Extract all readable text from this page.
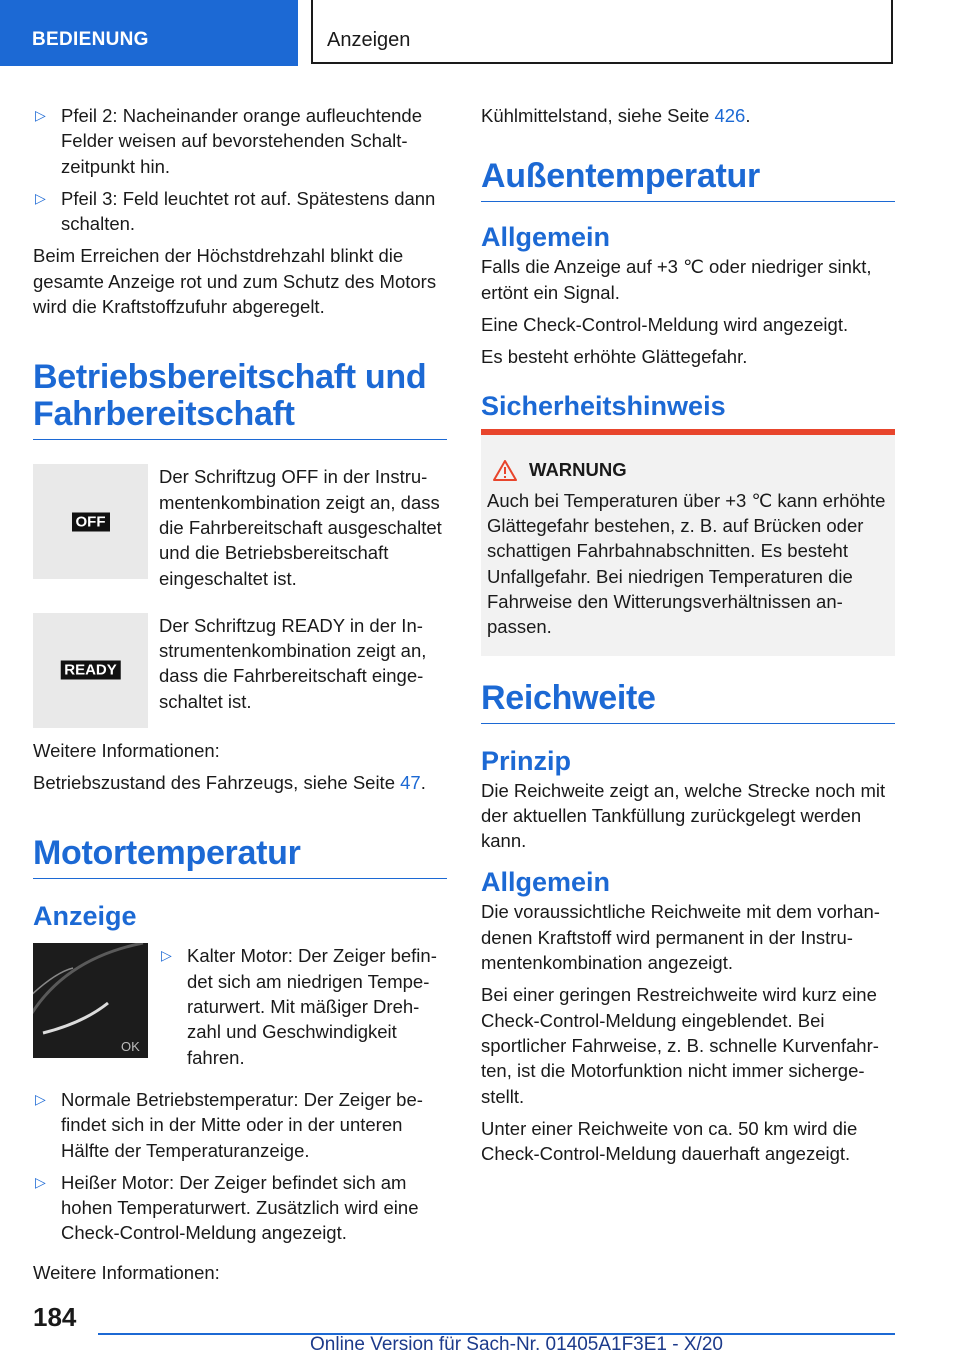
BEDIENUNG	Anzeigen
▷ Pfeil 2: Nacheinander orange aufleuchtende Felder weisen auf bevorstehenden Schaltzeitpunkt hin.
▷ Pfeil 3: Feld leuchtet rot auf. Spätestens dann schalten.

Beim Erreichen der Höchstdrehzahl blinkt die gesamte Anzeige rot und zum Schutz des Motors wird die Kraftstoffzufuhr abgeregelt.

Betriebsbereitschaft und Fahrbereitschaft
OFF
Der Schriftzug OFF in der Instrumentenkombination zeigt an, dass die Fahrbereitschaft ausgeschaltet und die Betriebsbereitschaft eingeschaltet ist.
READY
Der Schriftzug READY in der Instrumentenkombination zeigt an, dass die Fahrbereitschaft eingeschaltet ist.

Weitere Informationen:

Betriebszustand des Fahrzeugs, siehe Seite 47.

Motortemperatur
Anzeige
OK
▷ Kalter Motor: Der Zeiger befindet sich am niedrigen Temperaturwert. Mit mäßiger Drehzahl und Geschwindigkeit fahren.
▷ Normale Betriebstemperatur: Der Zeiger befindet sich in der Mitte oder in der unteren Hälfte der Temperaturanzeige.
▷ Heißer Motor: Der Zeiger befindet sich am hohen Temperaturwert. Zusätzlich wird eine Check-Control-Meldung angezeigt.

Weitere Informationen:

Kühlmittelstand, siehe Seite 426.

Außentemperatur
Allgemein

Falls die Anzeige auf +3 ℃ oder niedriger sinkt, ertönt ein Signal.

Eine Check-Control-Meldung wird angezeigt.

Es besteht erhöhte Glättegefahr.

Sicherheitshinweis
WARNUNG
Auch bei Temperaturen über +3 ℃ kann erhöhte Glättegefahr bestehen, z. B. auf Brücken oder schattigen Fahrbahnabschnitten. Es besteht Unfallgefahr. Bei niedrigen Temperaturen die Fahrweise den Witterungsverhältnissen anpassen.
Reichweite
Prinzip

Die Reichweite zeigt an, welche Strecke noch mit der aktuellen Tankfüllung zurückgelegt werden kann.

Allgemein

Die voraussichtliche Reichweite mit dem vorhandenen Kraftstoff wird permanent in der Instrumentenkombination angezeigt.

Bei einer geringen Restreichweite wird kurz eine Check-Control-Meldung eingeblendet. Bei sportlicher Fahrweise, z. B. schnelle Kurvenfahrten, ist die Motorfunktion nicht immer sichergestellt.

Unter einer Reichweite von ca. 50 km wird die Check-Control-Meldung dauerhaft angezeigt.

184
Online Version für Sach-Nr. 01405A1F3E1 - X/20
